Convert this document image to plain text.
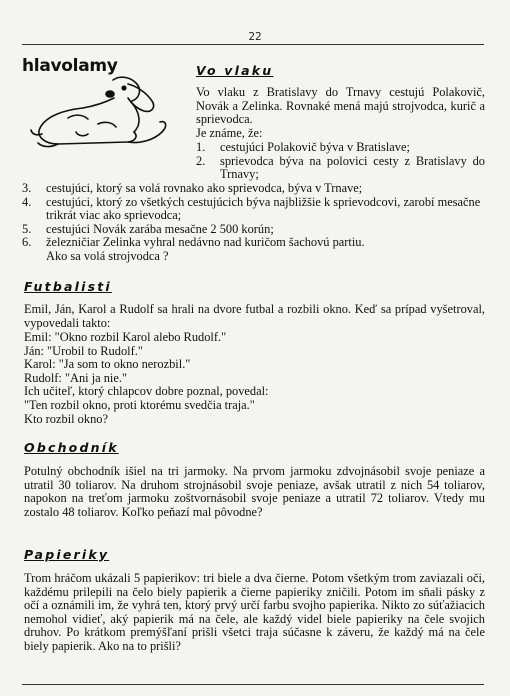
22
hlavolamy	Vo vlaku
Vo vlaku z Bratislavy do Trnavy cestujú Polakovič, Novák a Zelinka. Rovnaké mená majú strojvodca, kurič a sprievodca.
Je známe, že:
1. cestujúci Polakovič býva v Bratislave;
2. sprievodca býva na polovici cesty z Bratislavy do Trnavy;
3. cestujúci, ktorý sa volá rovnako ako sprievodca, býva v Trnave;
4. cestujúci, ktorý zo všetkých cestujúcich býva najbližšie k sprievodcovi, zarobí mesačne trikrát viac ako sprievodca;
5. cestujúci Novák zarába mesačne 2 500 korún;
6. železničiar Zelinka vyhral nedávno nad kuričom šachovú partiu.
Ako sa volá strojvodca ?
Futbalisti
Emil, Ján, Karol a Rudolf sa hrali na dvore futbal a rozbili okno. Keď sa prípad vyšetroval, vypovedali takto:

Emil: "Okno rozbil Karol alebo Rudolf."

Ján: "Urobil to Rudolf."

Karol: "Ja som to okno nerozbil."

Rudolf: "Ani ja nie."

Ich učiteľ, ktorý chlapcov dobre poznal, povedal:

"Ten rozbil okno, proti ktorému svedčia traja."

Kto rozbil okno?

Obchodník
Potulný obchodník išiel na tri jarmoky. Na prvom jarmoku zdvojnásobil svoje peniaze a utratil 30 toliarov. Na druhom strojnásobil svoje peniaze, avšak utratil z nich 54 toliarov, napokon na treťom jarmoku zoštvornásobil svoje peniaze a utratil 72 toliarov. Vtedy mu zostalo 48 toliarov. Koľko peňazí mal pôvodne?
Papieriky
Trom hráčom ukázali 5 papierikov: tri biele a dva čierne. Potom všetkým trom zaviazali oči, každému prilepili na čelo biely papierik a čierne papieriky zničili. Potom im sňali pásky z očí a oznámili im, že vyhrá ten, ktorý prvý určí farbu svojho papierika. Nikto zo súťažiacich nemohol vidieť, aký papierik má na čele, ale každý videl biele papieriky na čele svojich druhov. Po krátkom premýšľaní prišli všetci traja súčasne k záveru, že každý má na čele biely papierik. Ako na to prišli?
